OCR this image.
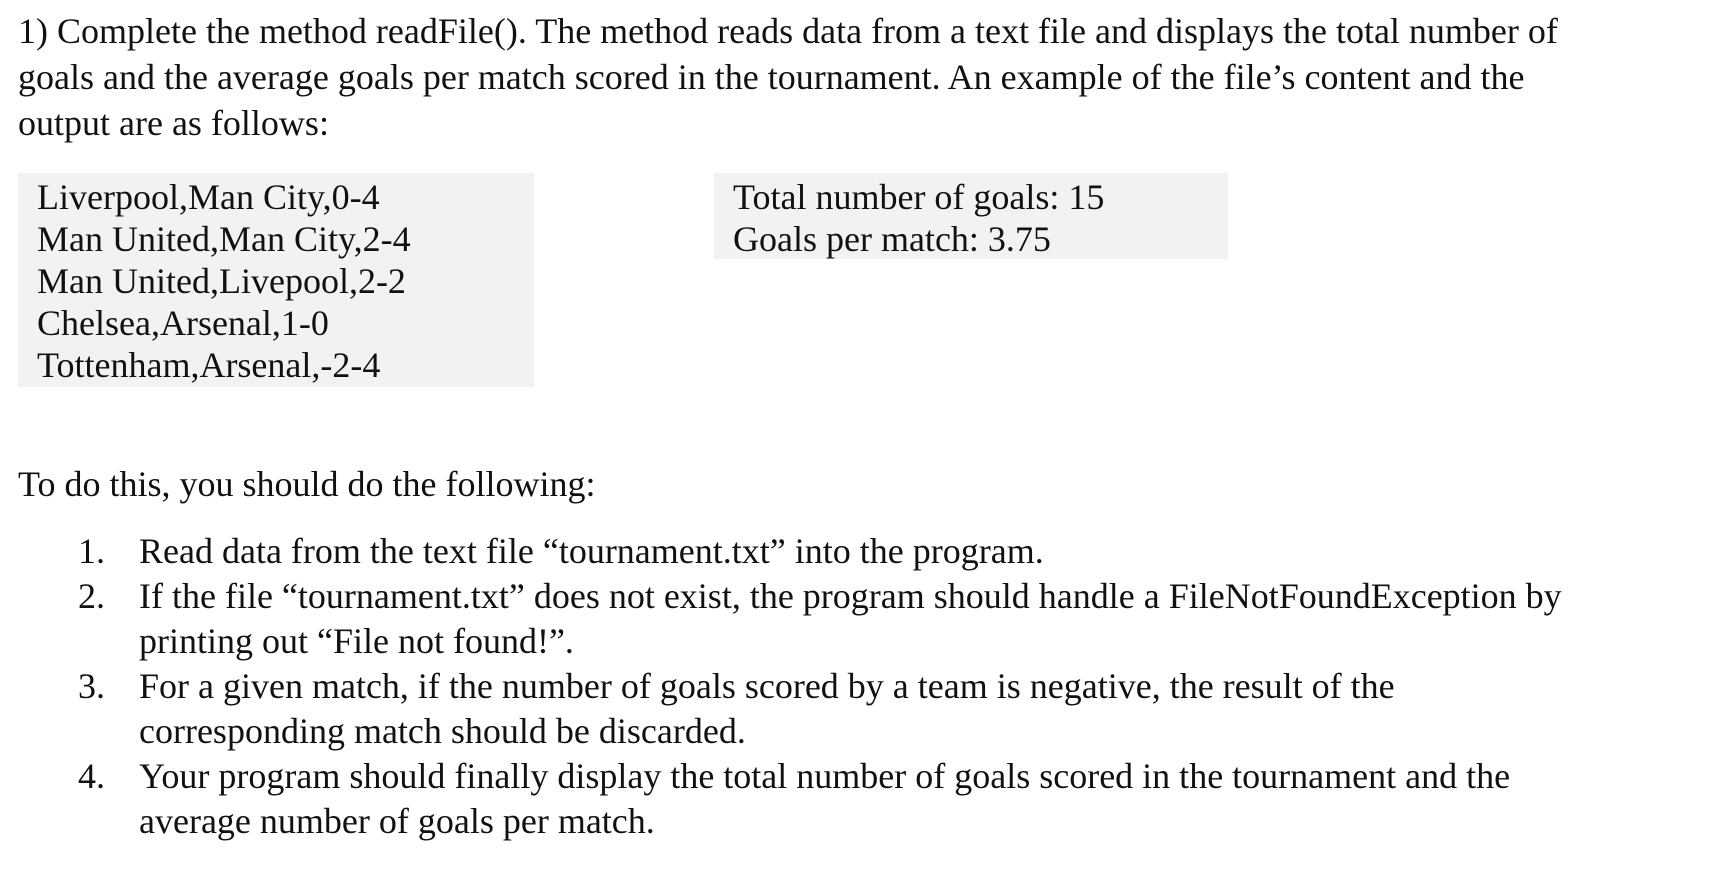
1) Complete the method readFile(). The method reads data from a text file and displays the total number of goals and the average goals per match scored in the tournament. An example of the file’s content and the output are as follows:
Liverpool,Man City,0-4
Man United,Man City,2-4
Man United,Livepool,2-2
Chelsea,Arsenal,1-0
Tottenham,Arsenal,-2-4
Total number of goals: 15
Goals per match: 3.75
To do this, you should do the following:
1. Read data from the text file “tournament.txt” into the program.
2. If the file “tournament.txt” does not exist, the program should handle a FileNotFoundException by printing out “File not found!”.
3. For a given match, if the number of goals scored by a team is negative, the result of the corresponding match should be discarded.
4. Your program should finally display the total number of goals scored in the tournament and the average number of goals per match.
